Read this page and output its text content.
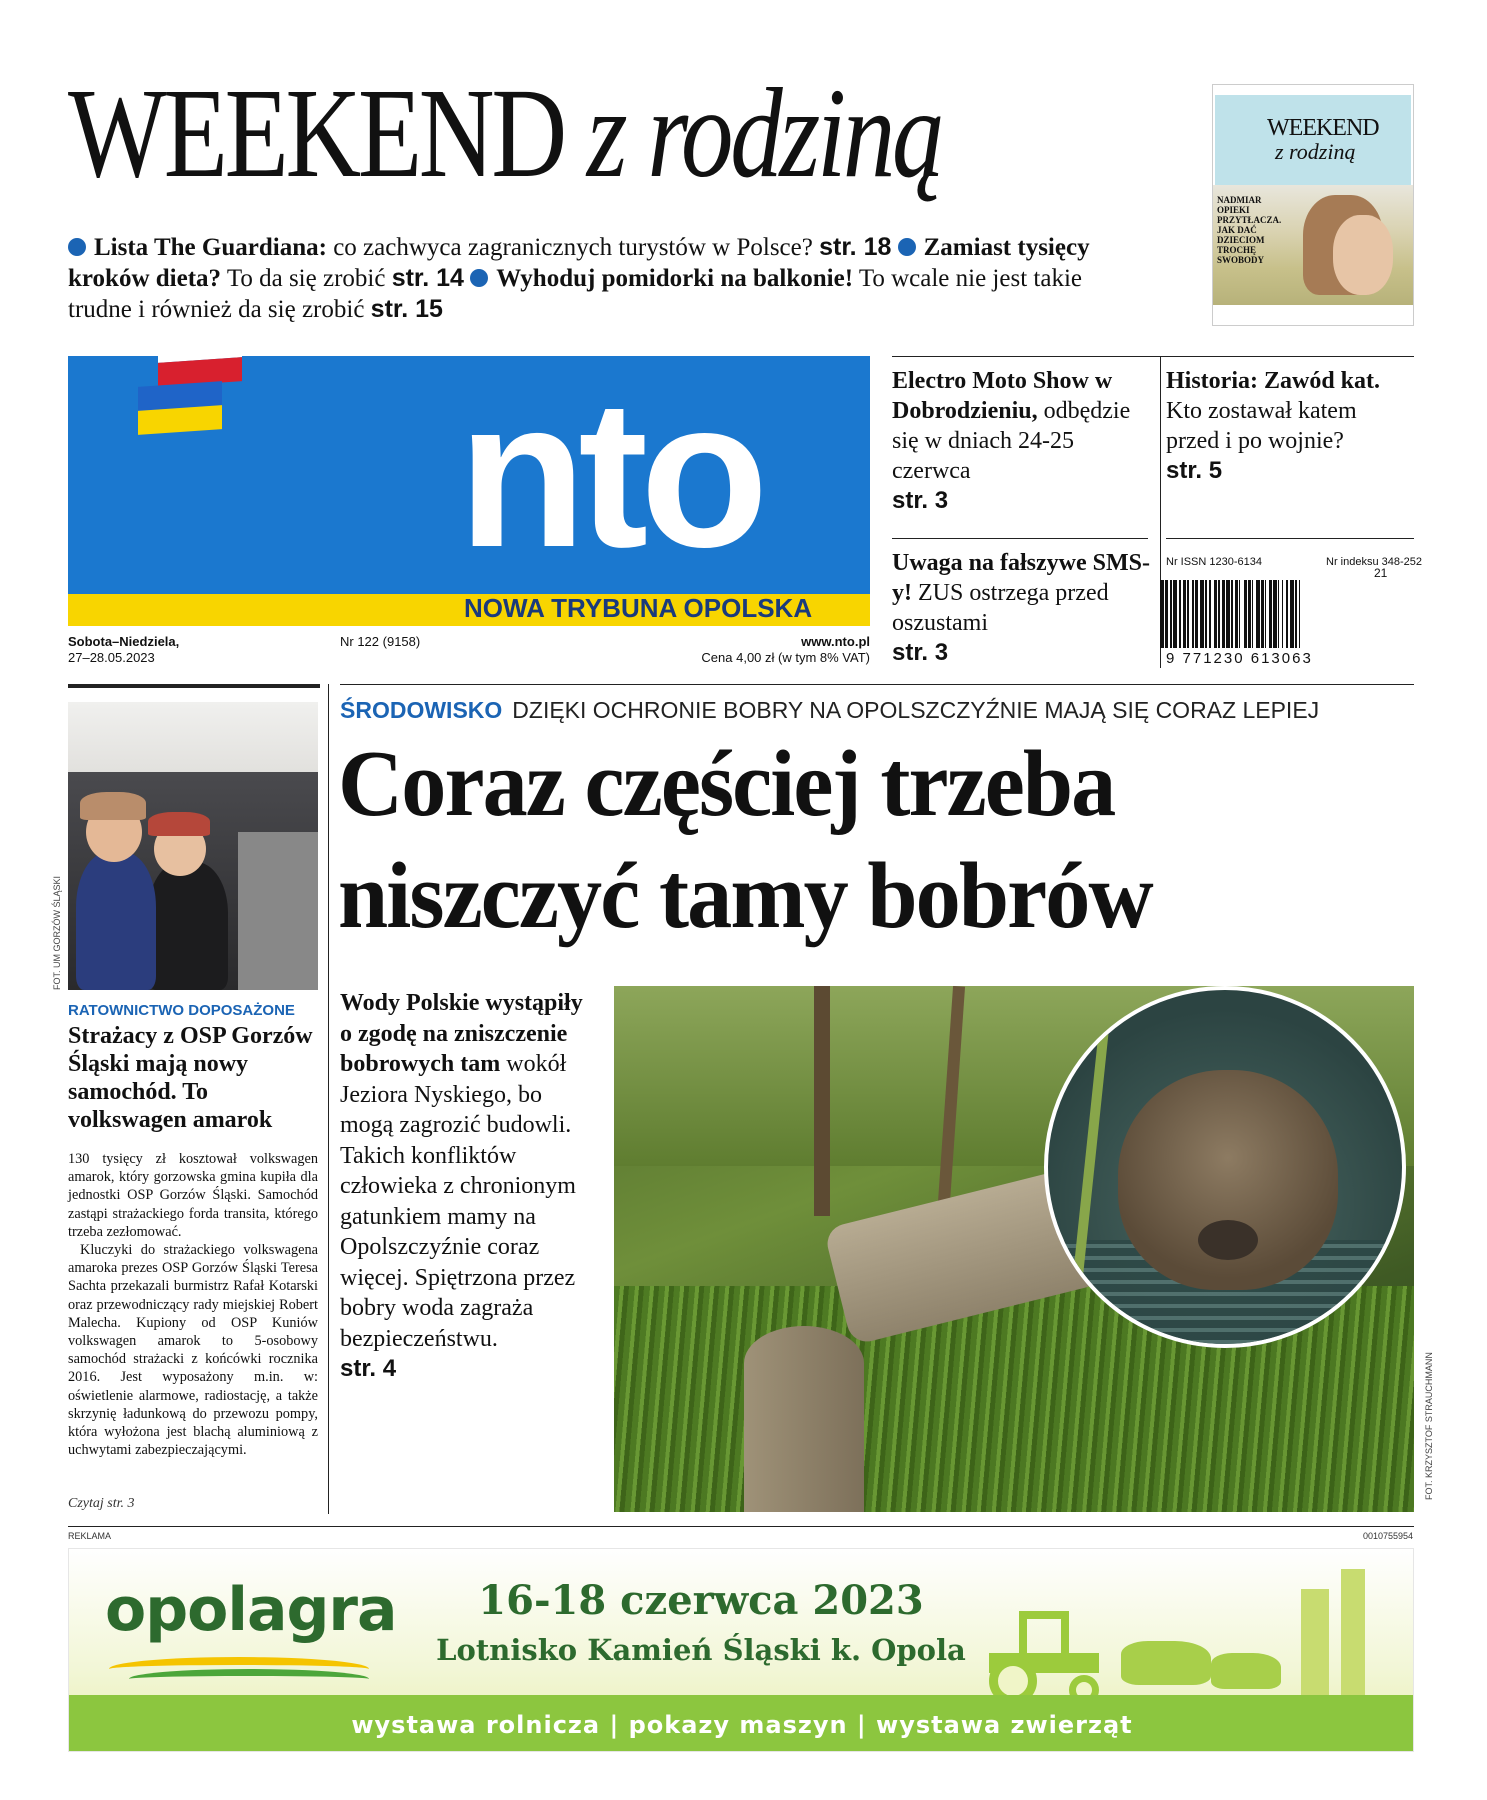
WEEKEND z rodziną
Lista The Guardiana: co zachwyca zagranicznych turystów w Polsce? str. 18 Zamiast tysięcy kroków dieta? To da się zrobić str. 14 Wyhoduj pomidorki na balkonie! To wcale nie jest takie trudne i również da się zrobić str. 15
WEEKEND
z rodziną
NADMIAR OPIEKI PRZYTŁACZA. JAK DAĆ DZIECIOM TROCHĘ SWOBODY
nto
NOWA TRYBUNA OPOLSKA
Sobota–Niedziela,
27–28.05.2023
Nr 122 (9158)	www.nto.pl
Cena 4,00 zł (w tym 8% VAT)
Electro Moto Show w Dobrodzieniu, odbędzie się w dniach 24-25 czerwca
str. 3
Historia: Zawód kat. Kto zostawał katem przed i po wojnie?
str. 5
Uwaga na fałszywe SMS-y! ZUS ostrzega przed oszustami
str. 3
Nr ISSN 1230-6134	Nr indeksu 348-252
9 771230 613063
21
FOT. UM GORZÓW ŚLĄSKI
RATOWNICTWO DOPOSAŻONE
Strażacy z OSP Gorzów Śląski mają nowy samochód. To volkswagen amarok

130 tysięcy zł kosztował volkswagen amarok, który gorzowska gmina kupiła dla jednostki OSP Gorzów Śląski. Samochód zastąpi strażackiego forda transita, którego trzeba zezłomować.

Kluczyki do strażackiego volkswagena amaroka prezes OSP Gorzów Śląski Teresa Sachta przekazali burmistrz Rafał Kotarski oraz przewodniczący rady miejskiej Robert Malecha. Kupiony od OSP Kuniów volkswagen amarok to 5-osobowy samochód strażacki z końcówki rocznika 2016. Jest wyposażony m.in. w: oświetlenie alarmowe, radiostację, a także skrzynię ładunkową do przewozu pompy, która wyłożona jest blachą aluminiową z uchwytami zabezpieczającymi.

Czytaj str. 3
ŚRODOWISKO DZIĘKI OCHRONIE BOBRY NA OPOLSZCZYŹNIE MAJĄ SIĘ CORAZ LEPIEJ
Coraz częściej trzeba
niszczyć tamy bobrów
Wody Polskie wystąpiły o zgodę na zniszczenie bobrowych tam wokół Jeziora Nyskiego, bo mogą zagrozić budowli. Takich konfliktów człowieka z chronionym gatunkiem mamy na Opolszczyźnie coraz więcej. Spiętrzona przez bobry woda zagraża bezpieczeństwu.
str. 4	FOT. KRZYSZTOF STRAUCHMANN
REKLAMA	0010755954
opolagra	16-18 czerwca 2023
Lotnisko Kamień Śląski k. Opola
wystawa rolnicza | pokazy maszyn | wystawa zwierząt
